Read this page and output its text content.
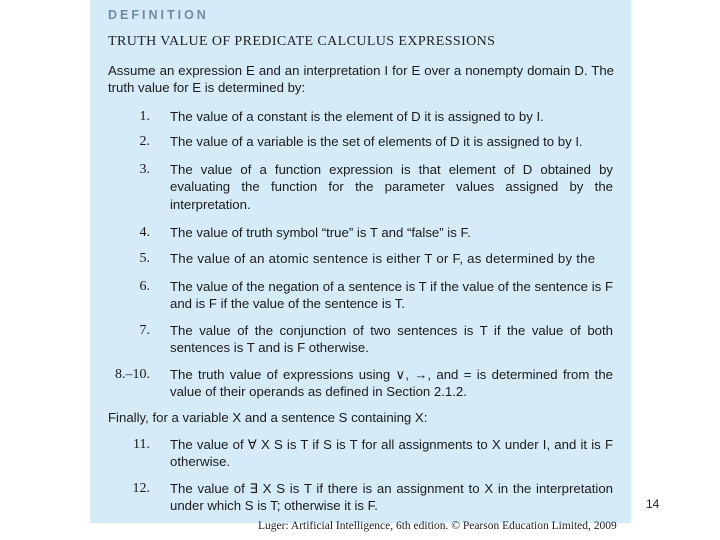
DEFINITION
TRUTH VALUE OF PREDICATE CALCULUS EXPRESSIONS
Assume an expression E and an interpretation I for E over a nonempty domain D. The truth value for E is determined by:
1. The value of a constant is the element of D it is assigned to by I.
2. The value of a variable is the set of elements of D it is assigned to by I.
3. The value of a function expression is that element of D obtained by evaluating the function for the parameter values assigned by the interpretation.
4. The value of truth symbol “true” is T and “false” is F.
5. The value of an atomic sentence is either T or F, as determined by the
6. The value of the negation of a sentence is T if the value of the sentence is F and is F if the value of the sentence is T.
7. The value of the conjunction of two sentences is T if the value of both sentences is T and is F otherwise.
8.–10. The truth value of expressions using ∨, →, and = is determined from the value of their operands as defined in Section 2.1.2.
Finally, for a variable X and a sentence S containing X:
11. The value of ∀ X S is T if S is T for all assignments to X under I, and it is F otherwise.
12. The value of ∃ X S is T if there is an assignment to X in the interpretation under which S is T; otherwise it is F.	14
Luger: Artificial Intelligence, 6th edition. © Pearson Education Limited, 2009
